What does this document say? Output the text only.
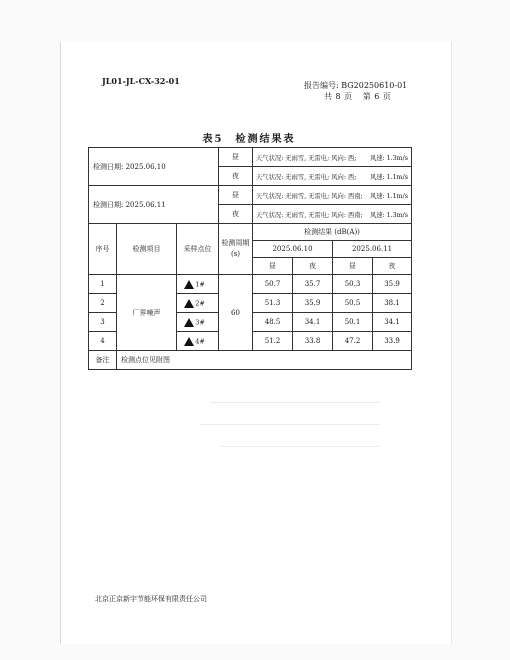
JL01-JL-CX-32-01	报告编号: BG20250610-01
共 8 页 第 6 页
表5 检测结果表
检测日期: 2025.06.10			昼	天气状况: 无雨雪, 无雷电; 风向: 西; 风速: 1.3m/s			

			夜	天气状况: 无雨雪, 无雷电; 风向: 西; 风速: 1.1m/s			

检测日期: 2025.06.11			昼	天气状况: 无雨雪, 无雷电; 风向: 西南; 风速: 1.1m/s			

			夜	天气状况: 无雨雪, 无雷电; 风向: 西南; 风速: 1.3m/s			

序号	检测项目	采样点位	检测周期(s)	检测结果 (dB(A))			
				2025.06.10		2025.06.11	
				昼	夜	昼	夜
1	厂界噪声	1#	60	50.7	35.7	50.3	35.9
2		2#		51.3	35.9	50.5	38.1
3		3#		48.5	34.1	50.1	34.1
4		4#		51.2	33.8	47.2	33.9
备注	检测点位见附图						
北京正京新宇节能环保有限责任公司
